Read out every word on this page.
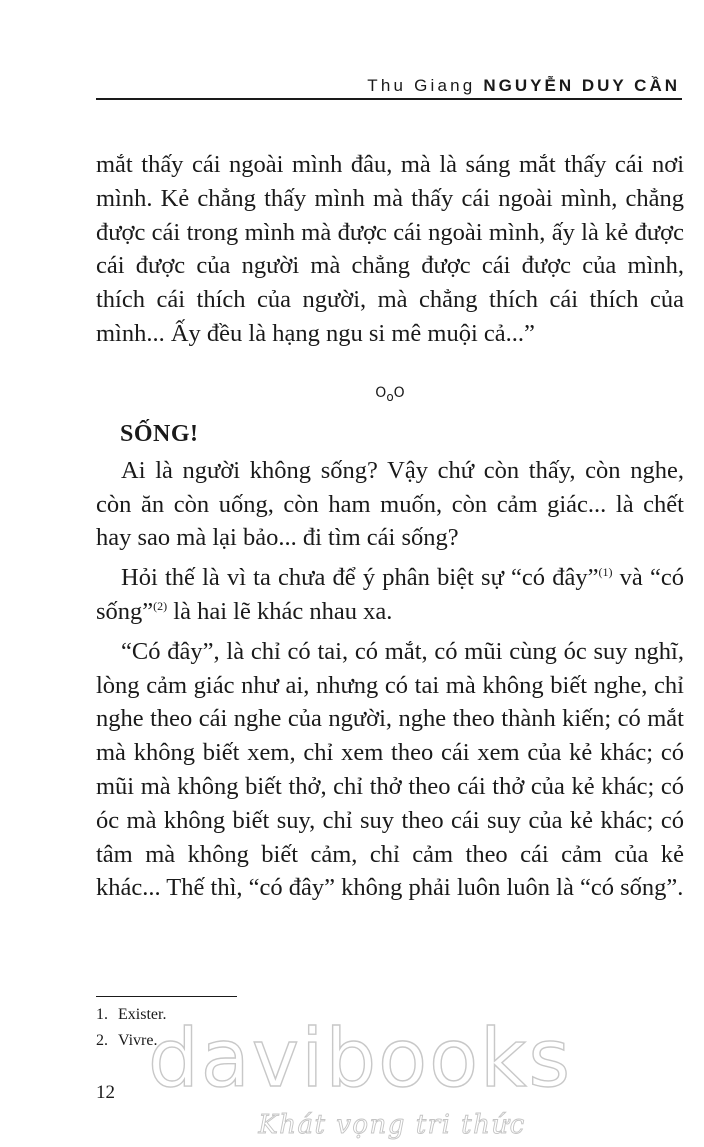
Thu Giang NGUYỄN DUY CẦN

mắt thấy cái ngoài mình đâu, mà là sáng mắt thấy cái nơi mình. Kẻ chẳng thấy mình mà thấy cái ngoài mình, chẳng được cái trong mình mà được cái ngoài mình, ấy là kẻ được cái được của người mà chẳng được cái được của mình, thích cái thích của người, mà chẳng thích cái thích của mình... Ấy đều là hạng ngu si mê muội cả...”

OoO
SỐNG!

Ai là người không sống? Vậy chứ còn thấy, còn nghe, còn ăn còn uống, còn ham muốn, còn cảm giác... là chết hay sao mà lại bảo... đi tìm cái sống?

Hỏi thế là vì ta chưa để ý phân biệt sự “có đây”$^{(1)}$ và “có sống”$^{(2)}$ là hai lẽ khác nhau xa.

“Có đây”, là chỉ có tai, có mắt, có mũi cùng óc suy nghĩ, lòng cảm giác như ai, nhưng có tai mà không biết nghe, chỉ nghe theo cái nghe của người, nghe theo thành kiến; có mắt mà không biết xem, chỉ xem theo cái xem của kẻ khác; có mũi mà không biết thở, chỉ thở theo cái thở của kẻ khác; có óc mà không biết suy, chỉ suy theo cái suy của kẻ khác; có tâm mà không biết cảm, chỉ cảm theo cái cảm của kẻ khác... Thế thì, “có đây” không phải luôn luôn là “có sống”.

1. Exister.
2. Vivre.
12 davibooks
Khát vọng tri thức
